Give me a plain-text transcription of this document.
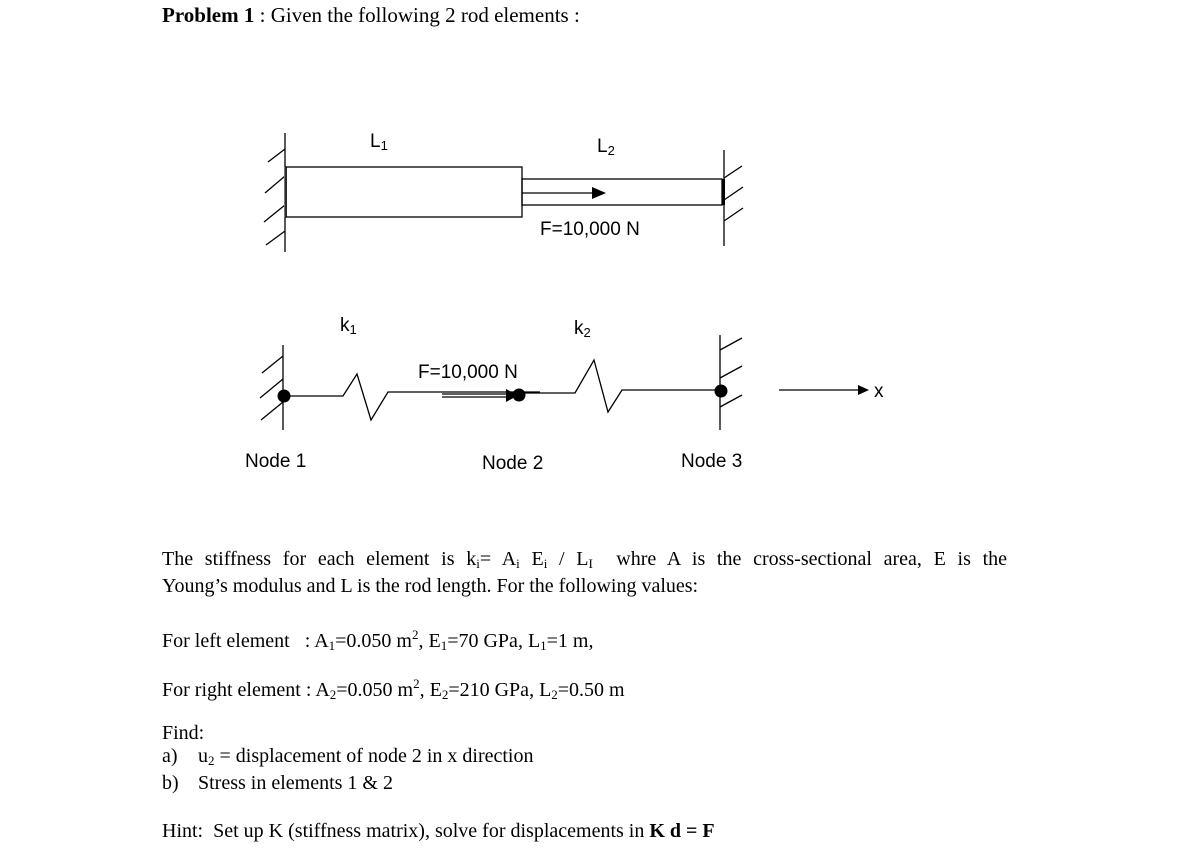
Problem 1 : Given the following 2 rod elements :
L1	L2
F=10,000 N
k1	k2
F=10,000 N
x
Node 1	Node 2	Node 3
The stiffness for each element is $k_i= A_i$ $E_i / L_I$  whre A is the cross-sectional area, E is the
Young’s modulus and L is the rod length. For the following values:
For left element   : $A_1=0.050$ $m^2$, $E_1=70$ GPa, $L_1=1$ m,
For right element : $A_2=0.050$ $m^2$, $E_2=210$ GPa, $L_2=0.50$ m
Find:
a) $u_2$ = displacement of node 2 in x direction
b) Stress in elements 1 & 2
Hint:  Set up K (stiffness matrix), solve for displacements in K d = F
